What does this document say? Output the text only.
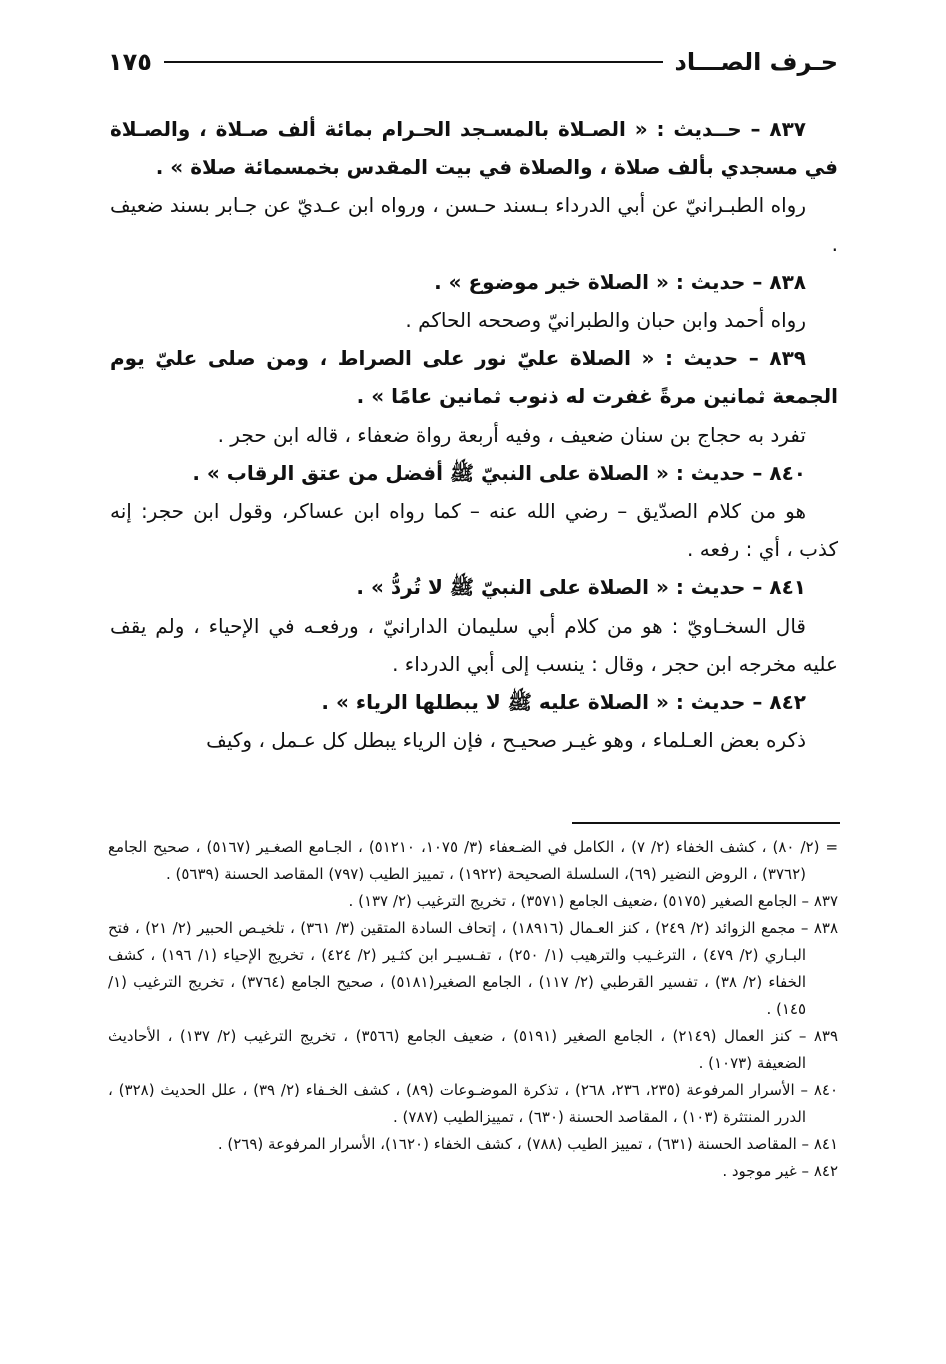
حـرف الصـــاد
١٧٥

٨٣٧ – حــديث : « الصـلاة بالمسـجد الحـرام بمائة ألف صـلاة ، والصـلاة في مسجدي بألف صلاة ، والصلاة في بيت المقدس بخمسمائة صلاة » .

رواه الطبـرانيّ عن أبي الدرداء بـسند حـسن ، ورواه ابن عـديّ عن جـابر بسند ضعيف .

٨٣٨ – حديث : « الصلاة خير موضوع » .

رواه أحمد وابن حبان والطبرانيّ وصححه الحاكم .

٨٣٩ – حديث : « الصلاة عليّ نور على الصراط ، ومن صلى عليّ يوم الجمعة ثمانين مرةً غفرت له ذنوب ثمانين عامًا » .

تفرد به حجاج بن سنان ضعيف ، وفيه أربعة رواة ضعفاء ، قاله ابن حجر .

٨٤٠ – حديث : « الصلاة على النبيّ ﷺ أفضل من عتق الرقاب » .

هو من كلام الصدّيق – رضي الله عنه – كما رواه ابن عساكر، وقول ابن حجر: إنه كذب ، أي : رفعه .

٨٤١ – حديث : « الصلاة على النبيّ ﷺ لا تُردُّ » .

قال السخـاويّ : هو من كلام أبي سليمان الدارانيّ ، ورفعـه في الإحياء ، ولم يقف عليه مخرجه ابن حجر ، وقال : ينسب إلى أبي الدرداء .

٨٤٢ – حديث : « الصلاة عليه ﷺ لا يبطلها الرياء » .

ذكره بعض العـلماء ، وهو غيـر صحيـح ، فإن الرياء يبطل كل عـمل ، وكيف

= (٢/ ٨٠) ، كشف الخفاء (٢/ ٧) ، الكامل في الضـعفاء (٣/ ١٠٧٥، ٥١٢١٠) ، الجـامع الصغـير (٥١٦٧) ، صحيح الجامع (٣٧٦٢) ، الروض النضير (٦٩)، السلسلة الصحيحة (١٩٢٢) ، تمييز الطيب (٧٩٧) المقاصد الحسنة (٥٦٣٩) .

٨٣٧ – الجامع الصغير (٥١٧٥) ،ضعيف الجامع (٣٥٧١) ، تخريج الترغيب (٢/ ١٣٧) .

٨٣٨ – مجمع الزوائد (٢/ ٢٤٩) ، كنز العـمال (١٨٩١٦) ، إتحاف السادة المتقين (٣/ ٣٦١) ، تلخيـص الحبير (٢/ ٢١) ، فتح البـاري (٢/ ٤٧٩) ، الترغـيب والترهيب (١/ ٢٥٠) ، تفـسيـر ابن كثـير (٢/ ٤٢٤) ، تخريج الإحياء (١/ ١٩٦) ، كشف الخفاء (٢/ ٣٨) ، تفسير القرطبي (٢/ ١١٧) ، الجامع الصغير(٥١٨١) ، صحيح الجامع (٣٧٦٤) ، تخريج الترغيب (١/ ١٤٥) .

٨٣٩ – كنز العمال (٢١٤٩) ، الجامع الصغير (٥١٩١) ، ضعيف الجامع (٣٥٦٦) ، تخريج الترغيب (٢/ ١٣٧) ، الأحاديث الضعيفة (١٠٧٣) .

٨٤٠ – الأسرار المرفوعة (٢٣٥، ٢٣٦، ٢٦٨) ، تذكرة الموضـوعات (٨٩) ، كشف الخـفاء (٢/ ٣٩) ، علل الحديث (٣٢٨) ، الدرر المنتثرة (١٠٣) ، المقاصد الحسنة (٦٣٠) ، تمييزالطيب (٧٨٧) .

٨٤١ – المقاصد الحسنة (٦٣١) ، تمييز الطيب (٧٨٨) ، كشف الخفاء (١٦٢٠)، الأسرار المرفوعة (٢٦٩) .

٨٤٢ – غير موجود .
